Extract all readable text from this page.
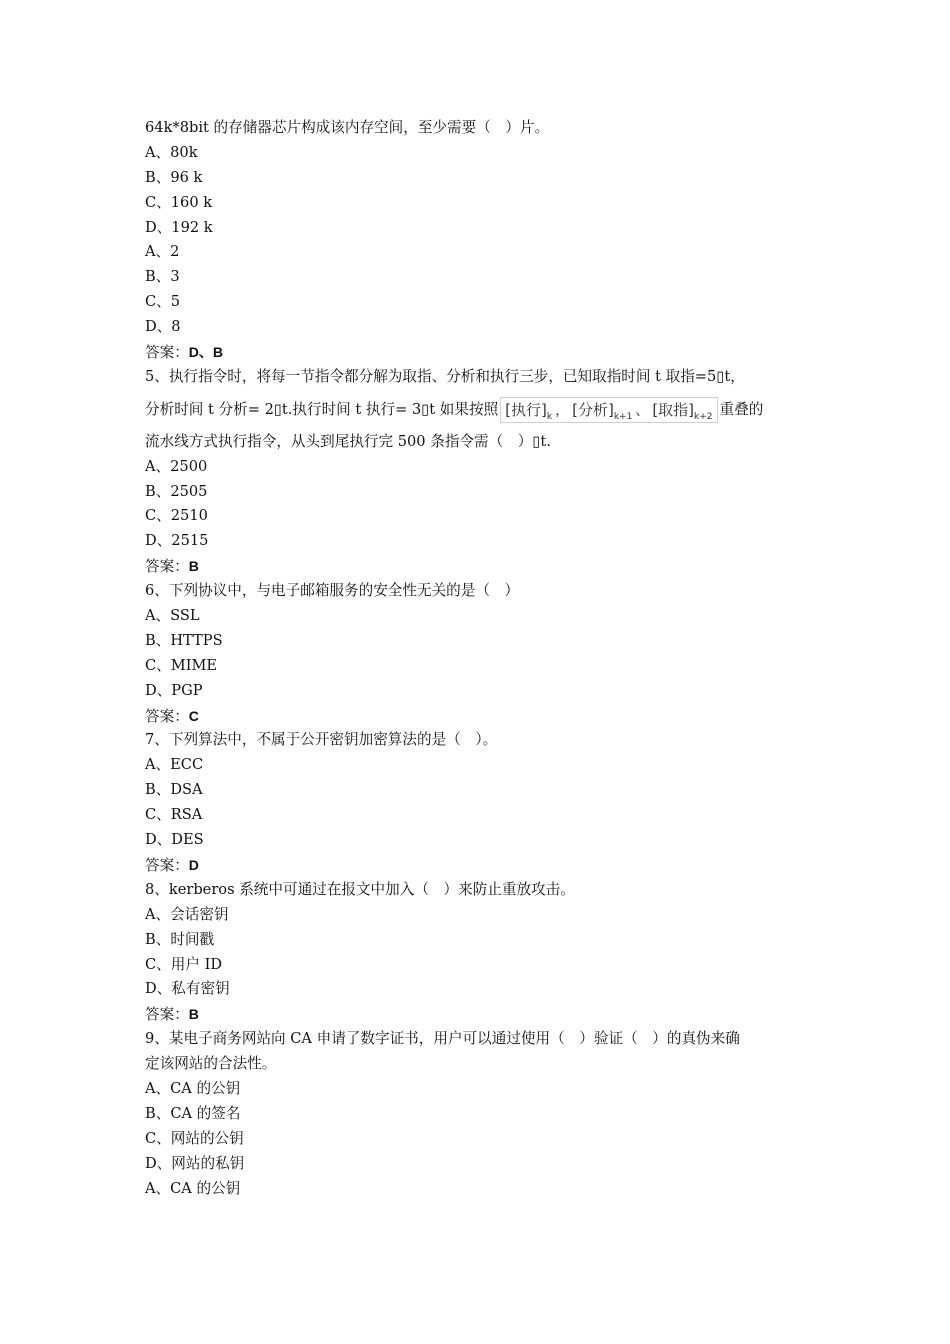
64k*8bit 的存储器芯片构成该内存空间，至少需要（　）片。
A、80k
B、96 k
C、160 k
D、192 k
A、2
B、3
C、5
D、8
答案：D、B
5、执行指令时，将每一节指令都分解为取指、分析和执行三步，已知取指时间 t 取指=5▯t，
分析时间 t 分析= 2▯t.执行时间 t 执行= 3▯t 如果按照 [执行]$_k$ ， [分析]$_{k+1}$ 、 [取指]$_{k+2}$ 重叠的
流水线方式执行指令，从头到尾执行完 500 条指令需（　）▯t.
A、2500
B、2505
C、2510
D、2515
答案：B
6、下列协议中，与电子邮箱服务的安全性无关的是（　）
A、SSL
B、HTTPS
C、MIME
D、PGP
答案：C
7、下列算法中，不属于公开密钥加密算法的是（　）。
A、ECC
B、DSA
C、RSA
D、DES
答案：D
8、kerberos 系统中可通过在报文中加入（　）来防止重放攻击。
A、会话密钥
B、时间戳
C、用户 ID
D、私有密钥
答案：B
9、某电子商务网站向 CA 申请了数字证书，用户可以通过使用（　）验证（　）的真伪来确
定该网站的合法性。
A、CA 的公钥
B、CA 的签名
C、网站的公钥
D、网站的私钥
A、CA 的公钥
